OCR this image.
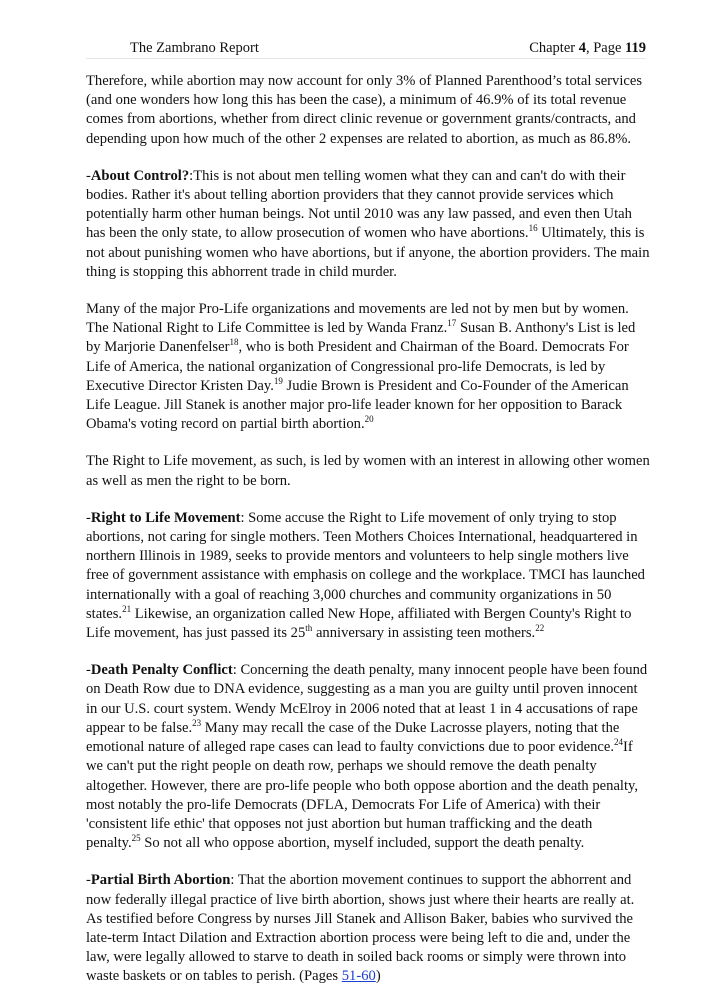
The Zambrano Report	Chapter 4, Page 119

Therefore, while abortion may now account for only 3% of Planned Parenthood’s total services (and one wonders how long this has been the case), a minimum of 46.9% of its total revenue comes from abortions, whether from direct clinic revenue or government grants/contracts, and depending upon how much of the other 2 expenses are related to abortion, as much as 86.8%.

-About Control?:This is not about men telling women what they can and can't do with their bodies. Rather it's about telling abortion providers that they cannot provide services which potentially harm other human beings. Not until 2010 was any law passed, and even then Utah has been the only state, to allow prosecution of women who have abortions.$^{16}$ Ultimately, this is not about punishing women who have abortions, but if anyone, the abortion providers. The main thing is stopping this abhorrent trade in child murder.

Many of the major Pro-Life organizations and movements are led not by men but by women. The National Right to Life Committee is led by Wanda Franz.$^{17}$ Susan B. Anthony's List is led by Marjorie Danenfelser$^{18}$, who is both President and Chairman of the Board. Democrats For Life of America, the national organization of Congressional pro-life Democrats, is led by Executive Director Kristen Day.$^{19}$ Judie Brown is President and Co-Founder of the American Life League. Jill Stanek is another major pro-life leader known for her opposition to Barack Obama's voting record on partial birth abortion.$^{20}$

The Right to Life movement, as such, is led by women with an interest in allowing other women as well as men the right to be born.

-Right to Life Movement: Some accuse the Right to Life movement of only trying to stop abortions, not caring for single mothers. Teen Mothers Choices International, headquartered in northern Illinois in 1989, seeks to provide mentors and volunteers to help single mothers live free of government assistance with emphasis on college and the workplace. TMCI has launched internationally with a goal of reaching 3,000 churches and community organizations in 50 states.$^{21}$ Likewise, an organization called New Hope, affiliated with Bergen County's Right to Life movement, has just passed its 25th anniversary in assisting teen mothers.$^{22}$

-Death Penalty Conflict: Concerning the death penalty, many innocent people have been found on Death Row due to DNA evidence, suggesting as a man you are guilty until proven innocent in our U.S. court system. Wendy McElroy in 2006 noted that at least 1 in 4 accusations of rape appear to be false.$^{23}$ Many may recall the case of the Duke Lacrosse players, noting that the emotional nature of alleged rape cases can lead to faulty convictions due to poor evidence.$^{24}$If we can't put the right people on death row, perhaps we should remove the death penalty altogether. However, there are pro-life people who both oppose abortion and the death penalty, most notably the pro-life Democrats (DFLA, Democrats For Life of America) with their 'consistent life ethic' that opposes not just abortion but human trafficking and the death penalty.$^{25}$ So not all who oppose abortion, myself included, support the death penalty.

-Partial Birth Abortion: That the abortion movement continues to support the abhorrent and now federally illegal practice of live birth abortion, shows just where their hearts are really at. As testified before Congress by nurses Jill Stanek and Allison Baker, babies who survived the late-term Intact Dilation and Extraction abortion process were being left to die and, under the law, were legally allowed to starve to death in soiled back rooms or simply were thrown into waste baskets or on tables to perish. (Pages 51-60)
